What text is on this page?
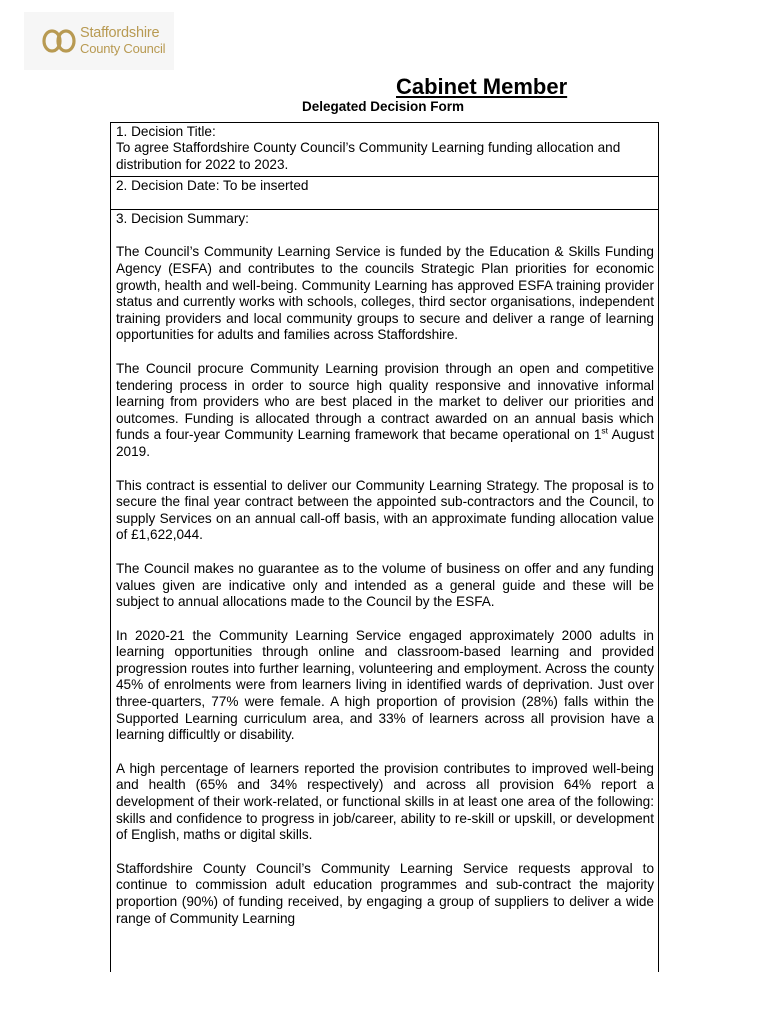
Staffordshire
County Council
Cabinet Member
Delegated Decision Form
1. Decision Title:
To agree Staffordshire County Council’s Community Learning funding allocation and distribution for 2022 to 2023.
2. Decision Date: To be inserted
3. Decision Summary:

The Council’s Community Learning Service is funded by the Education & Skills Funding Agency (ESFA) and contributes to the councils Strategic Plan priorities for economic growth, health and well-being. Community Learning has approved ESFA training provider status and currently works with schools, colleges, third sector organisations, independent training providers and local community groups to secure and deliver a range of learning opportunities for adults and families across Staffordshire.

The Council procure Community Learning provision through an open and competitive tendering process in order to source high quality responsive and innovative informal learning from providers who are best placed in the market to deliver our priorities and outcomes. Funding is allocated through a contract awarded on an annual basis which funds a four-year Community Learning framework that became operational on 1st August 2019.

This contract is essential to deliver our Community Learning Strategy. The proposal is to secure the final year contract between the appointed sub-contractors and the Council, to supply Services on an annual call-off basis, with an approximate funding allocation value of £1,622,044.

The Council makes no guarantee as to the volume of business on offer and any funding values given are indicative only and intended as a general guide and these will be subject to annual allocations made to the Council by the ESFA.

In 2020-21 the Community Learning Service engaged approximately 2000 adults in learning opportunities through online and classroom-based learning and provided progression routes into further learning, volunteering and employment. Across the county 45% of enrolments were from learners living in identified wards of deprivation. Just over three-quarters, 77% were female. A high proportion of provision (28%) falls within the Supported Learning curriculum area, and 33% of learners across all provision have a learning difficultly or disability.

A high percentage of learners reported the provision contributes to improved well-being and health (65% and 34% respectively) and across all provision 64% report a development of their work-related, or functional skills in at least one area of the following: skills and confidence to progress in job/career, ability to re-skill or upskill, or development of English, maths or digital skills.

Staffordshire County Council’s Community Learning Service requests approval to continue to commission adult education programmes and sub-contract the majority proportion (90%) of funding received, by engaging a group of suppliers to deliver a wide range of Community Learning
